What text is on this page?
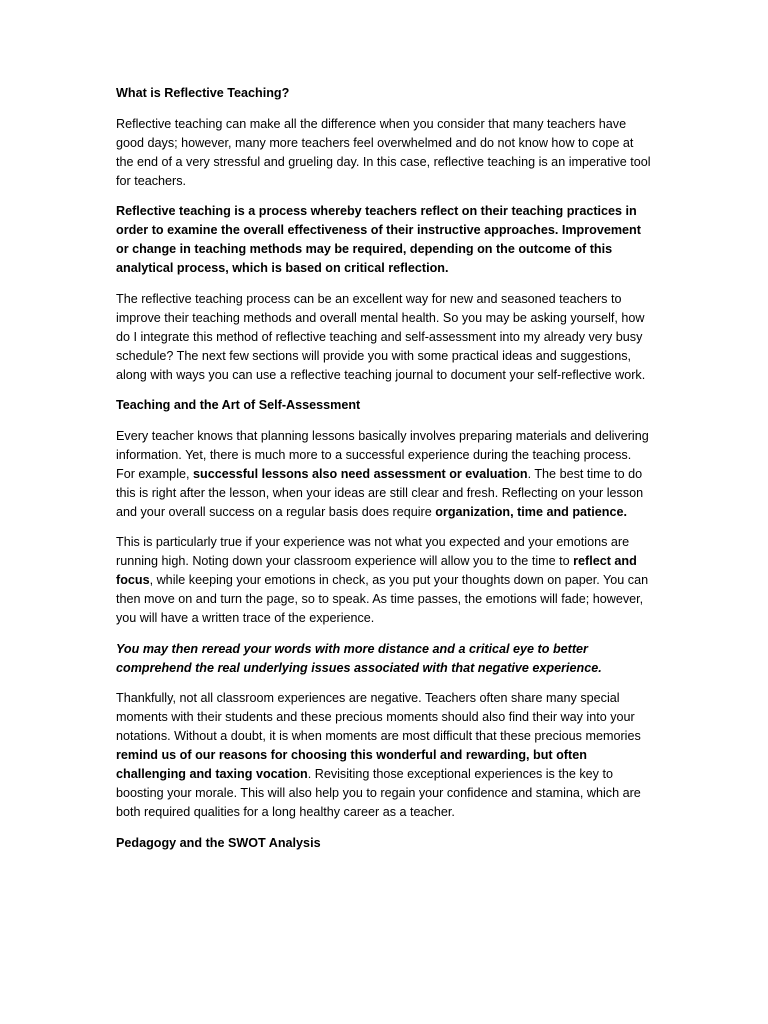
What is Reflective Teaching?

Reflective teaching can make all the difference when you consider that many teachers have good days; however, many more teachers feel overwhelmed and do not know how to cope at the end of a very stressful and grueling day. In this case, reflective teaching is an imperative tool for teachers.

Reflective teaching is a process whereby teachers reflect on their teaching practices in order to examine the overall effectiveness of their instructive approaches. Improvement or change in teaching methods may be required, depending on the outcome of this analytical process, which is based on critical reflection.

The reflective teaching process can be an excellent way for new and seasoned teachers to improve their teaching methods and overall mental health. So you may be asking yourself, how do I integrate this method of reflective teaching and self-assessment into my already very busy schedule? The next few sections will provide you with some practical ideas and suggestions, along with ways you can use a reflective teaching journal to document your self-reflective work.

Teaching and the Art of Self-Assessment

Every teacher knows that planning lessons basically involves preparing materials and delivering information. Yet, there is much more to a successful experience during the teaching process. For example, successful lessons also need assessment or evaluation. The best time to do this is right after the lesson, when your ideas are still clear and fresh. Reflecting on your lesson and your overall success on a regular basis does require organization, time and patience.

This is particularly true if your experience was not what you expected and your emotions are running high. Noting down your classroom experience will allow you to the time to reflect and focus, while keeping your emotions in check, as you put your thoughts down on paper. You can then move on and turn the page, so to speak. As time passes, the emotions will fade; however, you will have a written trace of the experience.

You may then reread your words with more distance and a critical eye to better comprehend the real underlying issues associated with that negative experience.

Thankfully, not all classroom experiences are negative. Teachers often share many special moments with their students and these precious moments should also find their way into your notations. Without a doubt, it is when moments are most difficult that these precious memories remind us of our reasons for choosing this wonderful and rewarding, but often challenging and taxing vocation. Revisiting those exceptional experiences is the key to boosting your morale. This will also help you to regain your confidence and stamina, which are both required qualities for a long healthy career as a teacher.

Pedagogy and the SWOT Analysis
